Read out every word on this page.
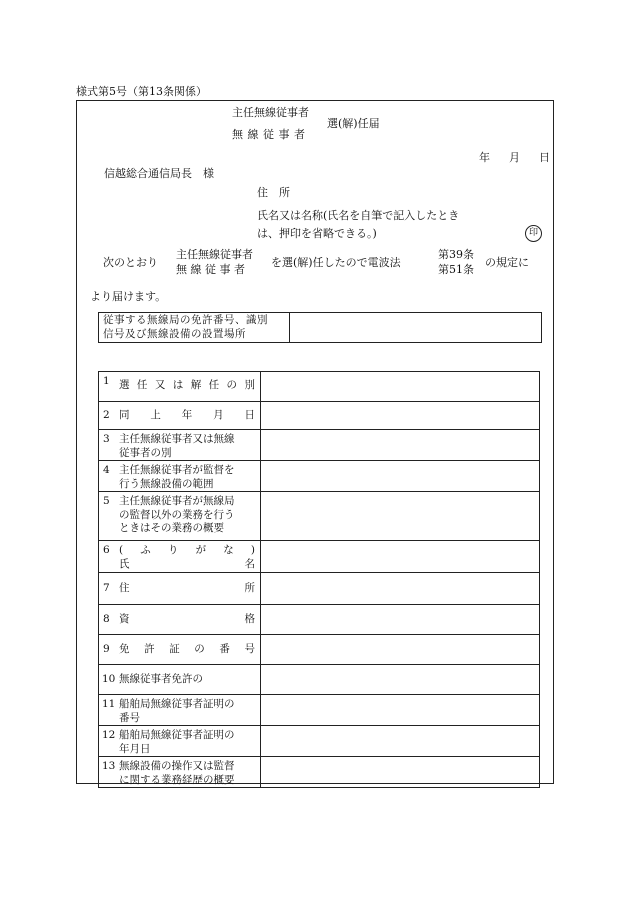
様式第5号（第13条関係）
主任無線従事者
無 線 従 事 者
選(解)任届
年　月　日
信越総合通信局長　様
住　所
氏名又は名称(氏名を自筆で記入したとき
は、押印を省略できる。)	印
次のとおり
主任無線従事者
無 線 従 事 者
を選(解)任したので電波法
第39条
第51条
の規定に
より届けます。
従事する無線局の免許番号、識別
信号及び無線設備の設置場所
1 選 任 又 は 解 任 の 別
2 同 上 年 月 日
3 主任無線従事者又は無線
従事者の別
4 主任無線従事者が監督を
行う無線設備の範囲
5 主任無線従事者が無線局
の監督以外の業務を行う
ときはその業務の概要
6 ( ふ り が な )
氏	名
7 住	所
8 資	格
9 免 許 証 の 番 号
10 無線従事者免許の
11 船舶局無線従事者証明の
番号
12 船舶局無線従事者証明の
年月日
13 無線設備の操作又は監督
に関する業務経歴の概要
